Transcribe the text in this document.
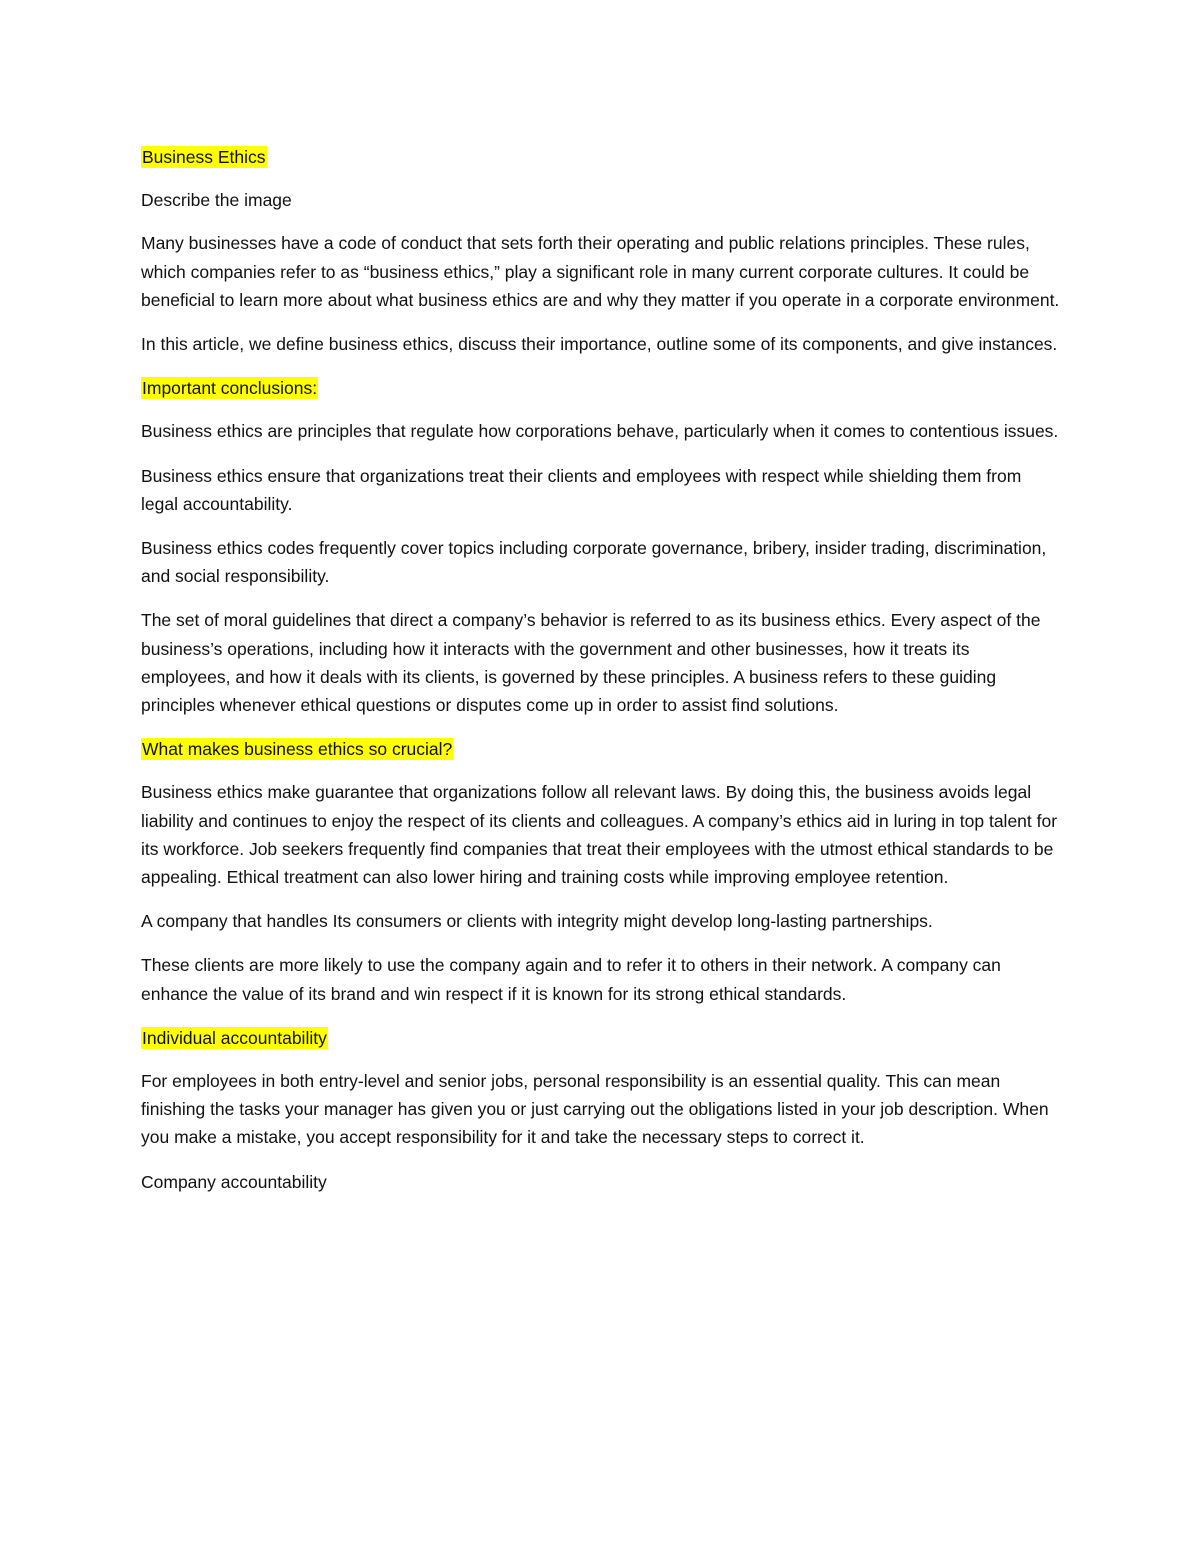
Business Ethics

Describe the image

Many businesses have a code of conduct that sets forth their operating and public relations principles. These rules, which companies refer to as “business ethics,” play a significant role in many current corporate cultures. It could be beneficial to learn more about what business ethics are and why they matter if you operate in a corporate environment.

In this article, we define business ethics, discuss their importance, outline some of its components, and give instances.

Important conclusions:

Business ethics are principles that regulate how corporations behave, particularly when it comes to contentious issues.

Business ethics ensure that organizations treat their clients and employees with respect while shielding them from legal accountability.

Business ethics codes frequently cover topics including corporate governance, bribery, insider trading, discrimination, and social responsibility.

The set of moral guidelines that direct a company’s behavior is referred to as its business ethics. Every aspect of the business’s operations, including how it interacts with the government and other businesses, how it treats its employees, and how it deals with its clients, is governed by these principles. A business refers to these guiding principles whenever ethical questions or disputes come up in order to assist find solutions.

What makes business ethics so crucial?

Business ethics make guarantee that organizations follow all relevant laws. By doing this, the business avoids legal liability and continues to enjoy the respect of its clients and colleagues. A company’s ethics aid in luring in top talent for its workforce. Job seekers frequently find companies that treat their employees with the utmost ethical standards to be appealing. Ethical treatment can also lower hiring and training costs while improving employee retention.

A company that handles Its consumers or clients with integrity might develop long-lasting partnerships.

These clients are more likely to use the company again and to refer it to others in their network. A company can enhance the value of its brand and win respect if it is known for its strong ethical standards.

Individual accountability

For employees in both entry-level and senior jobs, personal responsibility is an essential quality. This can mean finishing the tasks your manager has given you or just carrying out the obligations listed in your job description. When you make a mistake, you accept responsibility for it and take the necessary steps to correct it.

Company accountability
